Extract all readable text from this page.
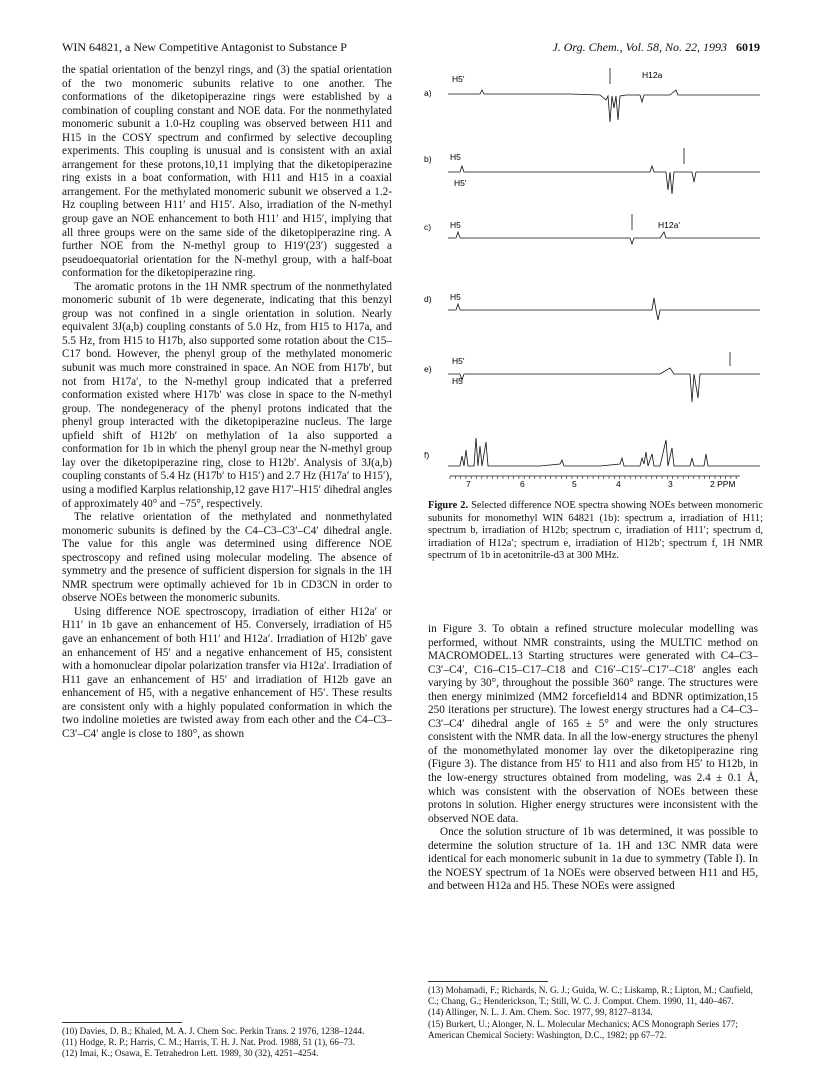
WIN 64821, a New Competitive Antagonist to Substance P	J. Org. Chem., Vol. 58, No. 22, 1993 6019

the spatial orientation of the benzyl rings, and (3) the spatial orientation of the two monomeric subunits relative to one another. The conformations of the diketopiperazine rings were established by a combination of coupling constant and NOE data. For the nonmethylated monomeric subunit a 1.0-Hz coupling was observed between H11 and H15 in the COSY spectrum and confirmed by selective decoupling experiments. This coupling is unusual and is consistent with an axial arrangement for these protons,10,11 implying that the diketopiperazine ring exists in a boat conformation, with H11 and H15 in a coaxial arrangement. For the methylated monomeric subunit we observed a 1.2-Hz coupling between H11′ and H15′. Also, irradiation of the N-methyl group gave an NOE enhancement to both H11′ and H15′, implying that all three groups were on the same side of the diketopiperazine ring. A further NOE from the N-methyl group to H19′(23′) suggested a pseudoequatorial orientation for the N-methyl group, with a half-boat conformation for the diketopiperazine ring.

The aromatic protons in the 1H NMR spectrum of the nonmethylated monomeric subunit of 1b were degenerate, indicating that this benzyl group was not confined in a single orientation in solution. Nearly equivalent 3J(a,b) coupling constants of 5.0 Hz, from H15 to H17a, and 5.5 Hz, from H15 to H17b, also supported some rotation about the C15–C17 bond. However, the phenyl group of the methylated monomeric subunit was much more constrained in space. An NOE from H17b′, but not from H17a′, to the N-methyl group indicated that a preferred conformation existed where H17b′ was close in space to the N-methyl group. The nondegeneracy of the phenyl protons indicated that the phenyl group interacted with the diketopiperazine nucleus. The large upfield shift of H12b′ on methylation of 1a also supported a conformation for 1b in which the phenyl group near the N-methyl group lay over the diketopiperazine ring, close to H12b′. Analysis of 3J(a,b) coupling constants of 5.4 Hz (H17b′ to H15′) and 2.7 Hz (H17a′ to H15′), using a modified Karplus relationship,12 gave H17′–H15′ dihedral angles of approximately 40° and −75°, respectively.

The relative orientation of the methylated and nonmethylated monomeric subunits is defined by the C4–C3–C3′–C4′ dihedral angle. The value for this angle was determined using difference NOE spectroscopy and refined using molecular modeling. The absence of symmetry and the presence of sufficient dispersion for signals in the 1H NMR spectrum were optimally achieved for 1b in CD3CN in order to observe NOEs between the monomeric subunits.

Using difference NOE spectroscopy, irradiation of either H12a′ or H11′ in 1b gave an enhancement of H5. Conversely, irradiation of H5 gave an enhancement of both H11′ and H12a′. Irradiation of H12b′ gave an enhancement of H5′ and a negative enhancement of H5, consistent with a homonuclear dipolar polarization transfer via H12a′. Irradiation of H11 gave an enhancement of H5′ and irradiation of H12b gave an enhancement of H5, with a negative enhancement of H5′. These results are consistent only with a highly populated conformation in which the two indoline moieties are twisted away from each other and the C4–C3–C3′–C4′ angle is close to 180°, as shown

(10) Davies, D. B.; Khaled, M. A. J. Chem Soc. Perkin Trans. 2 1976, 1238–1244.
(11) Hodge, R. P.; Harris, C. M.; Harris, T. H. J. Nat. Prod. 1988, 51 (1), 66–73.
(12) Imai, K.; Osawa, E. Tetrahedron Lett. 1989, 30 (32), 4251–4254.
a)
H5'	H12a
b) H5
H5'
c) H5	H12a'
d) H5
e)
H5'
H5
f)
7	6	5	4	3	2 PPM
Figure 2. Selected difference NOE spectra showing NOEs between monomeric subunits for monomethyl WIN 64821 (1b): spectrum a, irradiation of H11; spectrum b, irradiation of H12b; spectrum c, irradiation of H11′; spectrum d, irradiation of H12a′; spectrum e, irradiation of H12b′; spectrum f, 1H NMR spectrum of 1b in acetonitrile-d3 at 300 MHz.

in Figure 3. To obtain a refined structure molecular modelling was performed, without NMR constraints, using the MULTIC method on MACROMODEL.13 Starting structures were generated with C4–C3–C3′–C4′, C16–C15–C17–C18 and C16′–C15′–C17′–C18′ angles each varying by 30°, throughout the possible 360° range. The structures were then energy minimized (MM2 forcefield14 and BDNR optimization,15 250 iterations per structure). The lowest energy structures had a C4–C3–C3′–C4′ dihedral angle of 165 ± 5° and were the only structures consistent with the NMR data. In all the low-energy structures the phenyl of the monomethylated monomer lay over the diketopiperazine ring (Figure 3). The distance from H5′ to H11 and also from H5′ to H12b, in the low-energy structures obtained from modeling, was 2.4 ± 0.1 Å, which was consistent with the observation of NOEs between these protons in solution. Higher energy structures were inconsistent with the observed NOE data.

Once the solution structure of 1b was determined, it was possible to determine the solution structure of 1a. 1H and 13C NMR data were identical for each monomeric subunit in 1a due to symmetry (Table I). In the NOESY spectrum of 1a NOEs were observed between H11 and H5, and between H12a and H5. These NOEs were assigned

(13) Mohamadi, F.; Richards, N. G. J.; Guida, W. C.; Liskamp, R.; Lipton, M.; Caufield, C.; Chang, G.; Henderickson, T.; Still, W. C. J. Comput. Chem. 1990, 11, 440–467.
(14) Allinger, N. L. J. Am. Chem. Soc. 1977, 99, 8127–8134.
(15) Burkert, U.; Alonger, N. L. Molecular Mechanics; ACS Monograph Series 177; American Chemical Society: Washington, D.C., 1982; pp 67–72.
